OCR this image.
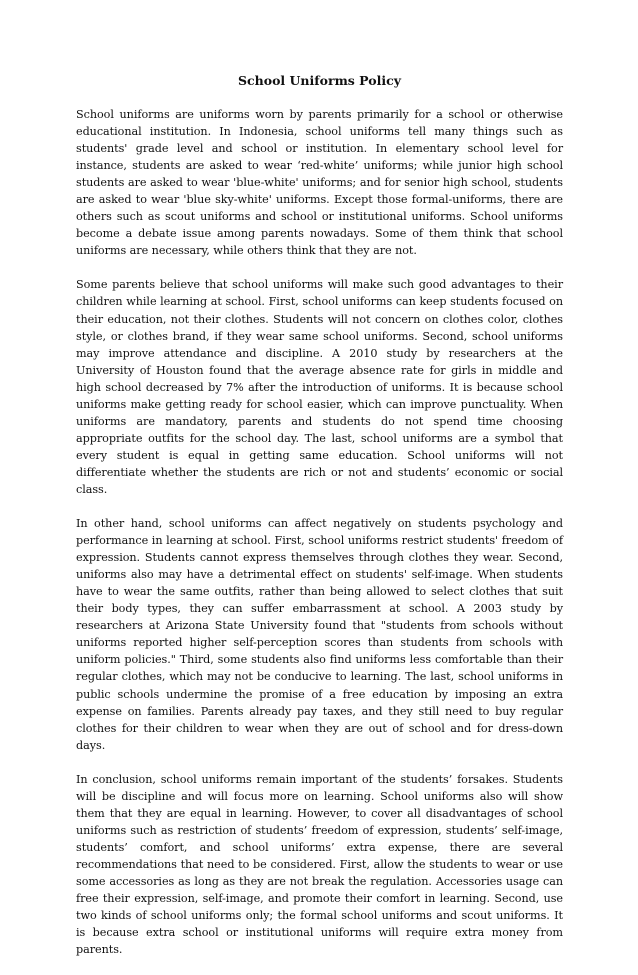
School Uniforms Policy

School uniforms are uniforms worn by parents primarily for a school or otherwise educational institution. In Indonesia, school uniforms tell many things such as students' grade level and school or institution. In elementary school level for instance, students are asked to wear ‘red-white’ uniforms; while junior high school students are asked to wear 'blue-white' uniforms; and for senior high school, students are asked to wear 'blue sky-white' uniforms. Except those formal-uniforms, there are others such as scout uniforms and school or institutional uniforms. School uniforms become a debate issue among parents nowadays. Some of them think that school uniforms are necessary, while others think that they are not.

Some parents believe that school uniforms will make such good advantages to their children while learning at school. First, school uniforms can keep students focused on their education, not their clothes. Students will not concern on clothes color, clothes style, or clothes brand, if they wear same school uniforms. Second, school uniforms may improve attendance and discipline. A 2010 study by researchers at the University of Houston found that the average absence rate for girls in middle and high school decreased by 7% after the introduction of uniforms. It is because school uniforms make getting ready for school easier, which can improve punctuality. When uniforms are mandatory, parents and students do not spend time choosing appropriate outfits for the school day. The last, school uniforms are a symbol that every student is equal in getting same education. School uniforms will not differentiate whether the students are rich or not and students’ economic or social class.

In other hand, school uniforms can affect negatively on students psychology and performance in learning at school. First, school uniforms restrict students' freedom of expression. Students cannot express themselves through clothes they wear. Second, uniforms also may have a detrimental effect on students' self-image. When students have to wear the same outfits, rather than being allowed to select clothes that suit their body types, they can suffer embarrassment at school. A 2003 study by researchers at Arizona State University found that "students from schools without uniforms reported higher self-perception scores than students from schools with uniform policies." Third, some students also find uniforms less comfortable than their regular clothes, which may not be conducive to learning. The last, school uniforms in public schools undermine the promise of a free education by imposing an extra expense on families. Parents already pay taxes, and they still need to buy regular clothes for their children to wear when they are out of school and for dress-down days.

In conclusion, school uniforms remain important of the students’ forsakes. Students will be discipline and will focus more on learning. School uniforms also will show them that they are equal in learning. However, to cover all disadvantages of school uniforms such as restriction of students’ freedom of expression, students’ self-image, students’ comfort, and school uniforms’ extra expense, there are several recommendations that need to be considered. First, allow the students to wear or use some accessories as long as they are not break the regulation. Accessories usage can free their expression, self-image, and promote their comfort in learning. Second, use two kinds of school uniforms only; the formal school uniforms and scout uniforms. It is because extra school or institutional uniforms will require extra money from parents.
